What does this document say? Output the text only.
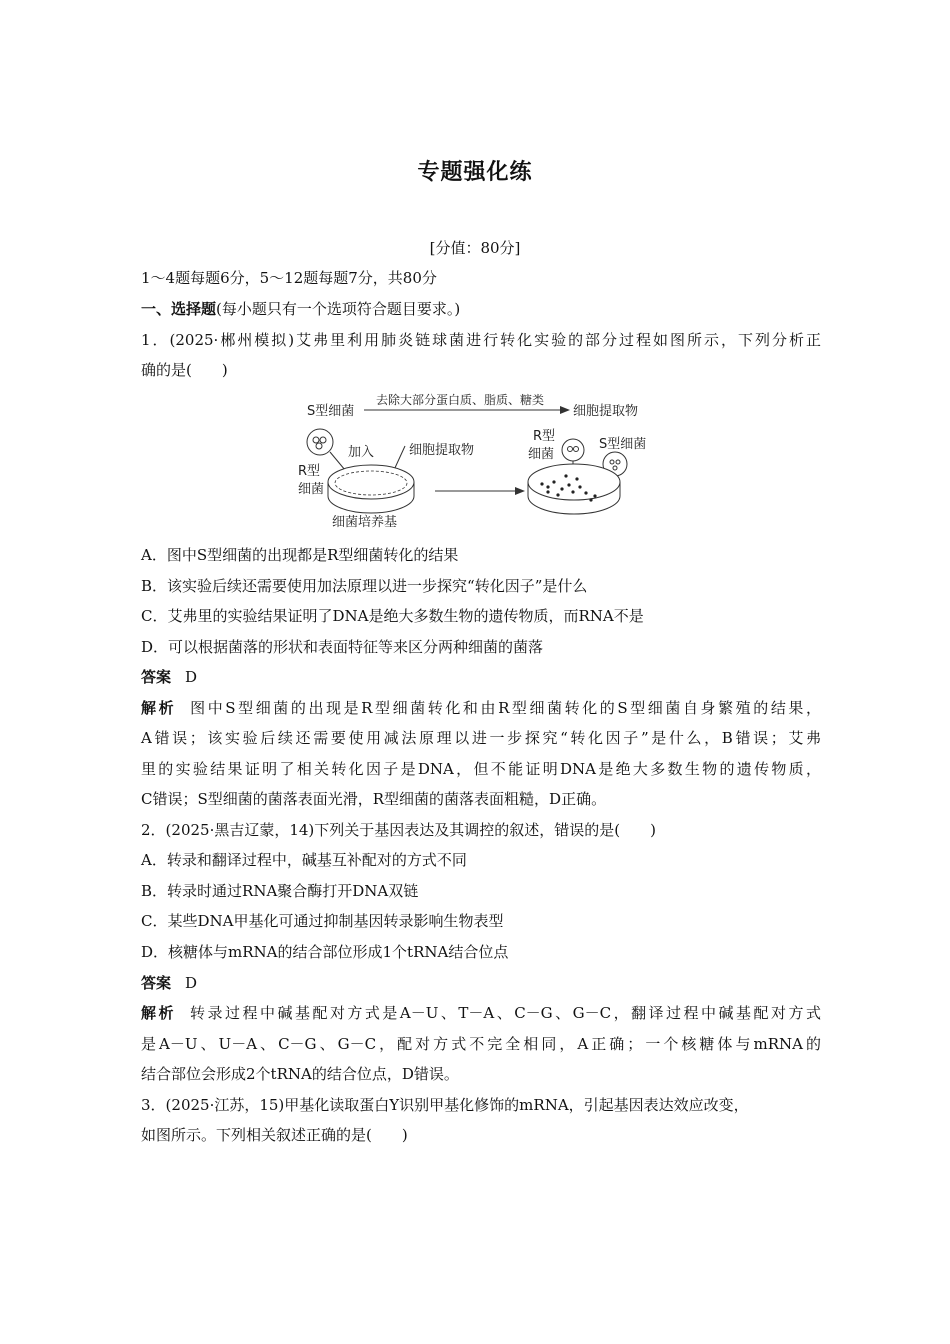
专题强化练
[分值：80分]
1～4题每题6分，5～12题每题7分，共80分
一、选择题(每小题只有一个选项符合题目要求。)
1．(2025·郴州模拟)艾弗里利用肺炎链球菌进行转化实验的部分过程如图所示，下列分析正
确的是(　　)
S型细菌
去除大部分蛋白质、脂质、糖类
细胞提取物
加入	细胞提取物
R型
细菌
细菌培养基
R型
细菌
S型细菌
A．图中S型细菌的出现都是R型细菌转化的结果
B．该实验后续还需要使用加法原理以进一步探究“转化因子”是什么
C．艾弗里的实验结果证明了DNA是绝大多数生物的遗传物质，而RNA不是
D．可以根据菌落的形状和表面特征等来区分两种细菌的菌落
答案 D
解析 图中S型细菌的出现是R型细菌转化和由R型细菌转化的S型细菌自身繁殖的结果，
A错误；该实验后续还需要使用减法原理以进一步探究“转化因子”是什么，B错误；艾弗
里的实验结果证明了相关转化因子是DNA，但不能证明DNA是绝大多数生物的遗传物质，
C错误；S型细菌的菌落表面光滑，R型细菌的菌落表面粗糙，D正确。
2．(2025·黑吉辽蒙，14)下列关于基因表达及其调控的叙述，错误的是(　　)
A．转录和翻译过程中，碱基互补配对的方式不同
B．转录时通过RNA聚合酶打开DNA双链
C．某些DNA甲基化可通过抑制基因转录影响生物表型
D．核糖体与mRNA的结合部位形成1个tRNA结合位点
答案 D
解析 转录过程中碱基配对方式是A－U、T－A、C－G、G－C，翻译过程中碱基配对方式
是A－U、U－A、C－G、G－C，配对方式不完全相同，A正确；一个核糖体与mRNA的
结合部位会形成2个tRNA的结合位点，D错误。
3．(2025·江苏，15)甲基化读取蛋白Y识别甲基化修饰的mRNA，引起基因表达效应改变，
如图所示。下列相关叙述正确的是(　　)
